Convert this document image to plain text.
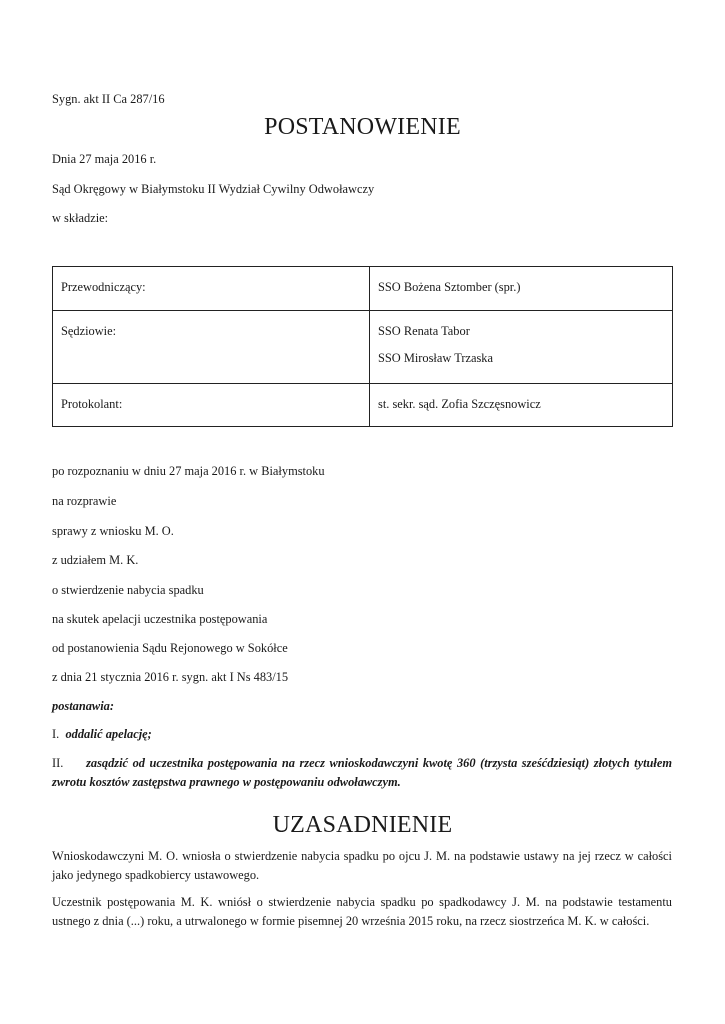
Sygn. akt II Ca 287/16
POSTANOWIENIE
Dnia 27 maja 2016 r.
Sąd Okręgowy w Białymstoku II Wydział Cywilny Odwoławczy
w składzie:
Przewodniczący:	SSO Bożena Sztomber (spr.)
Sędziowie:	SSO Renata Tabor
SSO Mirosław Trzaska

Protokolant:	st. sekr. sąd. Zofia Szczęsnowicz
po rozpoznaniu w dniu 27 maja 2016 r. w Białymstoku
na rozprawie
sprawy z wniosku M. O.
z udziałem M. K.
o stwierdzenie nabycia spadku
na skutek apelacji uczestnika postępowania
od postanowienia Sądu Rejonowego w Sokółce
z dnia 21 stycznia 2016 r. sygn. akt I Ns 483/15
postanawia:
I. oddalić apelację;
II. zasądzić od uczestnika postępowania na rzecz wnioskodawczyni kwotę 360 (trzysta sześćdziesiąt) złotych tytułem zwrotu kosztów zastępstwa prawnego w postępowaniu odwoławczym.
UZASADNIENIE
Wnioskodawczyni M. O. wniosła o stwierdzenie nabycia spadku po ojcu J. M. na podstawie ustawy na jej rzecz w całości jako jedynego spadkobiercy ustawowego.
Uczestnik postępowania M. K. wniósł o stwierdzenie nabycia spadku po spadkodawcy J. M. na podstawie testamentu ustnego z dnia (...) roku, a utrwalonego w formie pisemnej 20 września 2015 roku, na rzecz siostrzeńca M. K. w całości.
